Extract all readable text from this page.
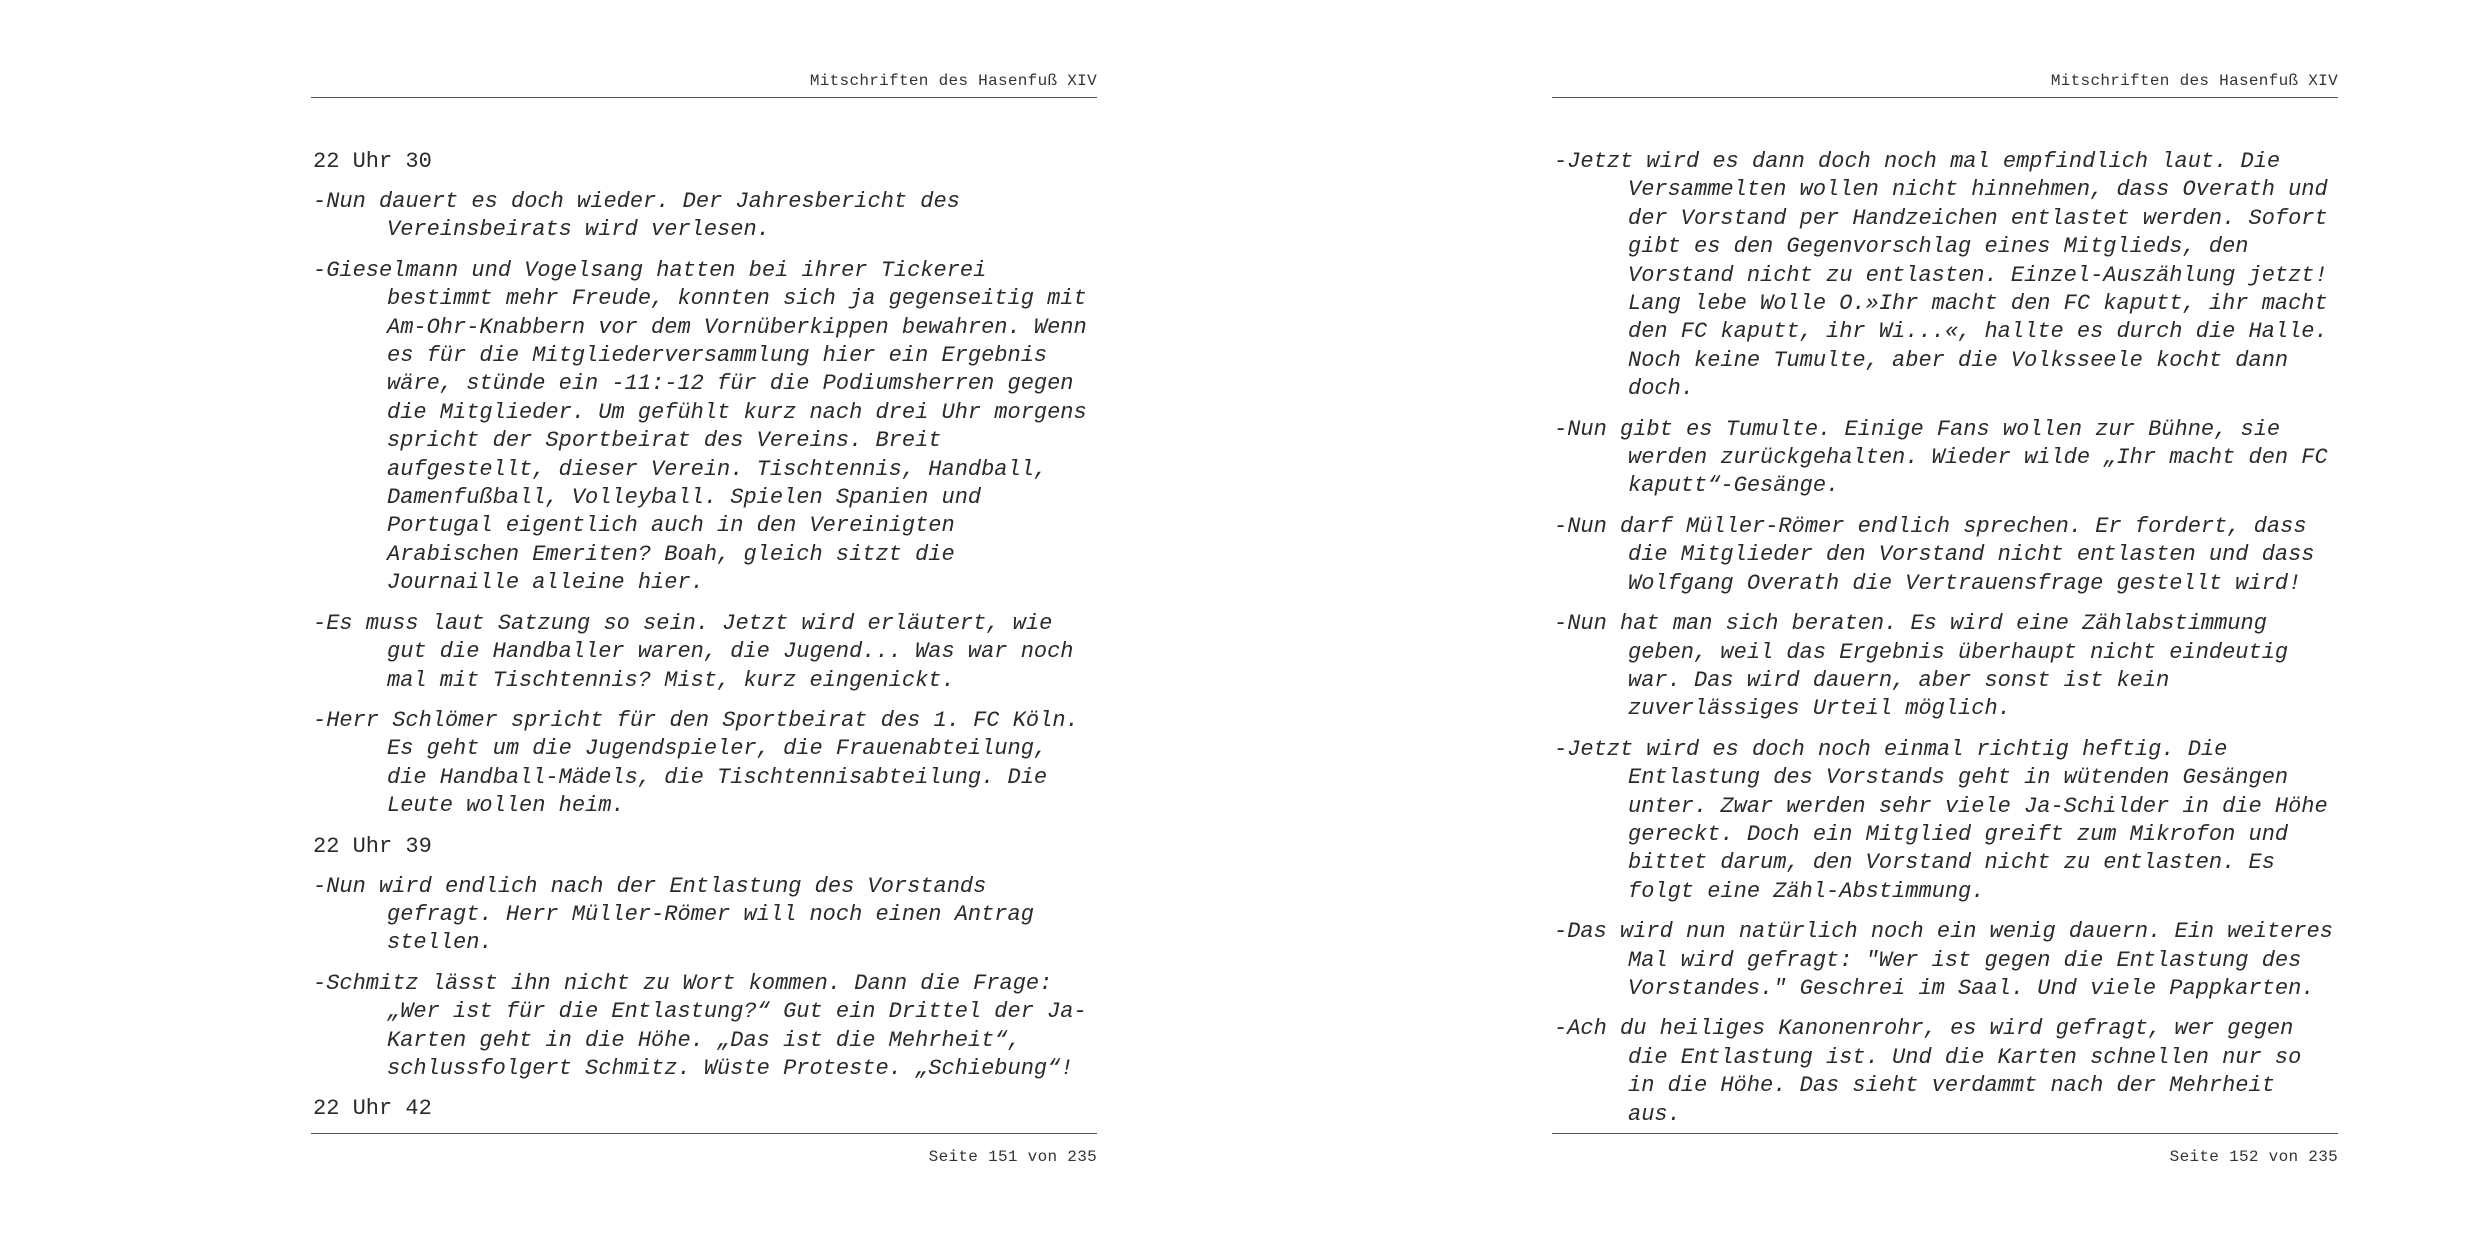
Mitschriften des Hasenfuß XIV
22 Uhr 30
-Nun dauert es doch wieder. Der Jahresbericht des Vereinsbeirats wird verlesen.
-Gieselmann und Vogelsang hatten bei ihrer Tickerei bestimmt mehr Freude, konnten sich ja gegenseitig mit Am-Ohr-Knabbern vor dem Vornüberkippen bewahren. Wenn es für die Mitgliederversammlung hier ein Ergebnis wäre, stünde ein -11:-12 für die Podiumsherren gegen die Mitglieder. Um gefühlt kurz nach drei Uhr morgens spricht der Sportbeirat des Vereins. Breit aufgestellt, dieser Verein. Tischtennis, Handball, Damenfußball, Volleyball. Spielen Spanien und Portugal eigentlich auch in den Vereinigten Arabischen Emeriten? Boah, gleich sitzt die Journaille alleine hier.
-Es muss laut Satzung so sein. Jetzt wird erläutert, wie gut die Handballer waren, die Jugend... Was war noch mal mit Tischtennis? Mist, kurz eingenickt.
-Herr Schlömer spricht für den Sportbeirat des 1. FC Köln. Es geht um die Jugendspieler, die Frauenabteilung, die Handball-Mädels, die Tischtennisabteilung. Die Leute wollen heim.
22 Uhr 39
-Nun wird endlich nach der Entlastung des Vorstands gefragt. Herr Müller-Römer will noch einen Antrag stellen.
-Schmitz lässt ihn nicht zu Wort kommen. Dann die Frage: „Wer ist für die Entlastung?“ Gut ein Drittel der Ja-Karten geht in die Höhe. „Das ist die Mehrheit“, schlussfolgert Schmitz. Wüste Proteste. „Schiebung“!
22 Uhr 42
Seite 151 von 235
Mitschriften des Hasenfuß XIV
-Jetzt wird es dann doch noch mal empfindlich laut. Die Versammelten wollen nicht hinnehmen, dass Overath und der Vorstand per Handzeichen entlastet werden. Sofort gibt es den Gegenvorschlag eines Mitglieds, den Vorstand nicht zu entlasten. Einzel-Auszählung jetzt! Lang lebe Wolle O.»Ihr macht den FC kaputt, ihr macht den FC kaputt, ihr Wi...«, hallte es durch die Halle. Noch keine Tumulte, aber die Volksseele kocht dann doch.
-Nun gibt es Tumulte. Einige Fans wollen zur Bühne, sie werden zurückgehalten. Wieder wilde „Ihr macht den FC kaputt“-Gesänge.
-Nun darf Müller-Römer endlich sprechen. Er fordert, dass die Mitglieder den Vorstand nicht entlasten und dass Wolfgang Overath die Vertrauensfrage gestellt wird!
-Nun hat man sich beraten. Es wird eine Zählabstimmung geben, weil das Ergebnis überhaupt nicht eindeutig war. Das wird dauern, aber sonst ist kein zuverlässiges Urteil möglich.
-Jetzt wird es doch noch einmal richtig heftig. Die Entlastung des Vorstands geht in wütenden Gesängen unter. Zwar werden sehr viele Ja-Schilder in die Höhe gereckt. Doch ein Mitglied greift zum Mikrofon und bittet darum, den Vorstand nicht zu entlasten. Es folgt eine Zähl-Abstimmung.
-Das wird nun natürlich noch ein wenig dauern. Ein weiteres Mal wird gefragt: "Wer ist gegen die Entlastung des Vorstandes." Geschrei im Saal. Und viele Pappkarten.
-Ach du heiliges Kanonenrohr, es wird gefragt, wer gegen die Entlastung ist. Und die Karten schnellen nur so in die Höhe. Das sieht verdammt nach der Mehrheit aus.
Seite 152 von 235
